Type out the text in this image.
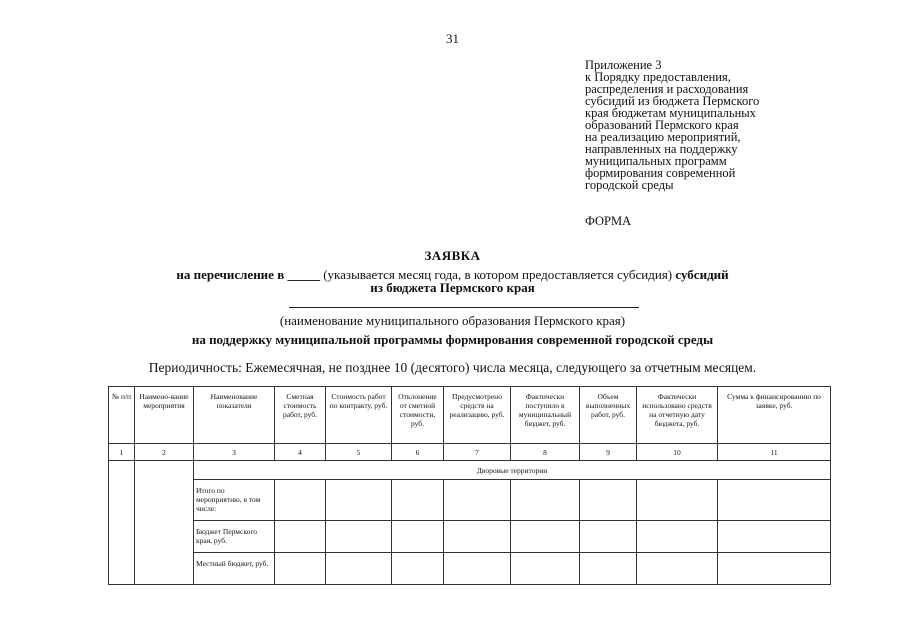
31
Приложение 3
к Порядку предоставления,
распределения и расходования
субсидий из бюджета Пермского
края бюджетам муниципальных
образований Пермского края
на реализацию мероприятий,
направленных на поддержку
муниципальных программ
формирования современной
городской среды
ФОРМА
ЗАЯВКА
на перечисление в _____ (указывается месяц года, в котором предоставляется субсидия) субсидий
из бюджета Пермского края
(наименование муниципального образования Пермского края)
на поддержку муниципальной программы формирования современной городской среды
Периодичность: Ежемесячная, не позднее 10 (десятого) числа месяца, следующего за отчетным месяцем.
№ п/п	Наимено-вание мероприятия	Наименование показателя	Сметная стоимость работ, руб.	Стоимость работ по контракту, руб.	Отклонение от сметной стоимости, руб.	Предусмотрено средств на реализацию, руб.	Фактически поступило в муниципальный бюджет, руб.	Объем выполненных работ, руб.	Фактически использовано средств на отчетную дату бюджета, руб.	Сумма к финансированию по заявке, руб.
1	2	3	4	5	6	7	8	9	10	11
		Дворовые территории								
		Итого по мероприятию, в том числе:								
		Бюджет Пермского края, руб.								
		Местный бюджет, руб.								
